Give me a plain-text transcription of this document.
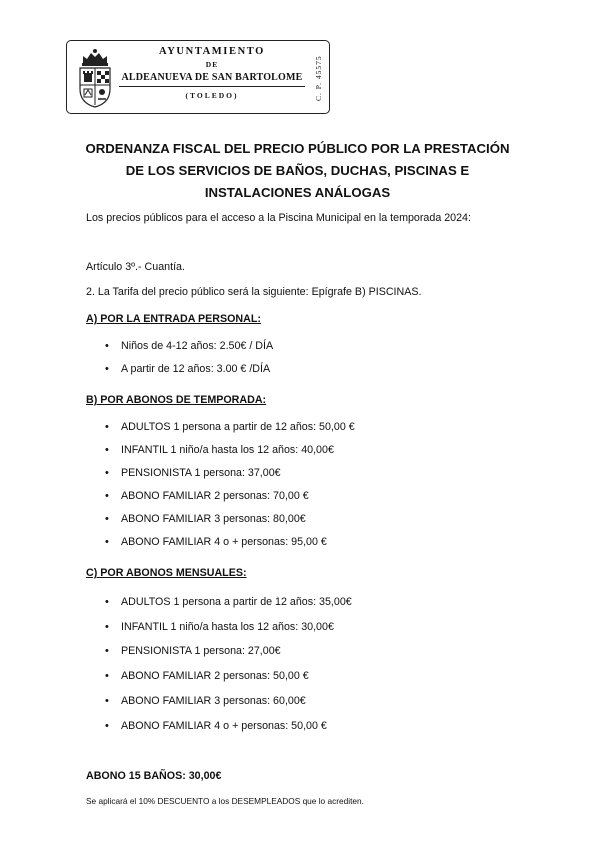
AYUNTAMIENTO
DE
ALDEANUEVA DE SAN BARTOLOME
(TOLEDO)	C. P. 45575
ORDENANZA FISCAL DEL PRECIO PÚBLICO POR LA PRESTACIÓN DE LOS SERVICIOS DE BAÑOS, DUCHAS, PISCINAS E INSTALACIONES ANÁLOGAS
Los precios públicos para el acceso a la Piscina Municipal en la temporada 2024:
Artículo 3º.- Cuantía.
2. La Tarifa del precio público será la siguiente: Epígrafe B) PISCINAS.
A) POR LA ENTRADA PERSONAL:
• Niños de 4-12 años: 2.50€ / DÍA
• A partir de 12 años: 3.00 € /DÍA
B) POR ABONOS DE TEMPORADA:
• ADULTOS 1 persona a partir de 12 años: 50,00 €
• INFANTIL 1 niño/a hasta los 12 años: 40,00€
• PENSIONISTA 1 persona: 37,00€
• ABONO FAMILIAR 2 personas: 70,00 €
• ABONO FAMILIAR 3 personas: 80,00€
• ABONO FAMILIAR 4 o + personas: 95,00 €
C) POR ABONOS MENSUALES:
• ADULTOS 1 persona a partir de 12 años: 35,00€
• INFANTIL 1 niño/a hasta los 12 años: 30,00€
• PENSIONISTA 1 persona: 27,00€
• ABONO FAMILIAR 2 personas: 50,00 €
• ABONO FAMILIAR 3 personas: 60,00€
• ABONO FAMILIAR 4 o + personas: 50,00 €
ABONO 15 BAÑOS: 30,00€
Se aplicará el 10% DESCUENTO a los DESEMPLEADOS que lo acrediten.
